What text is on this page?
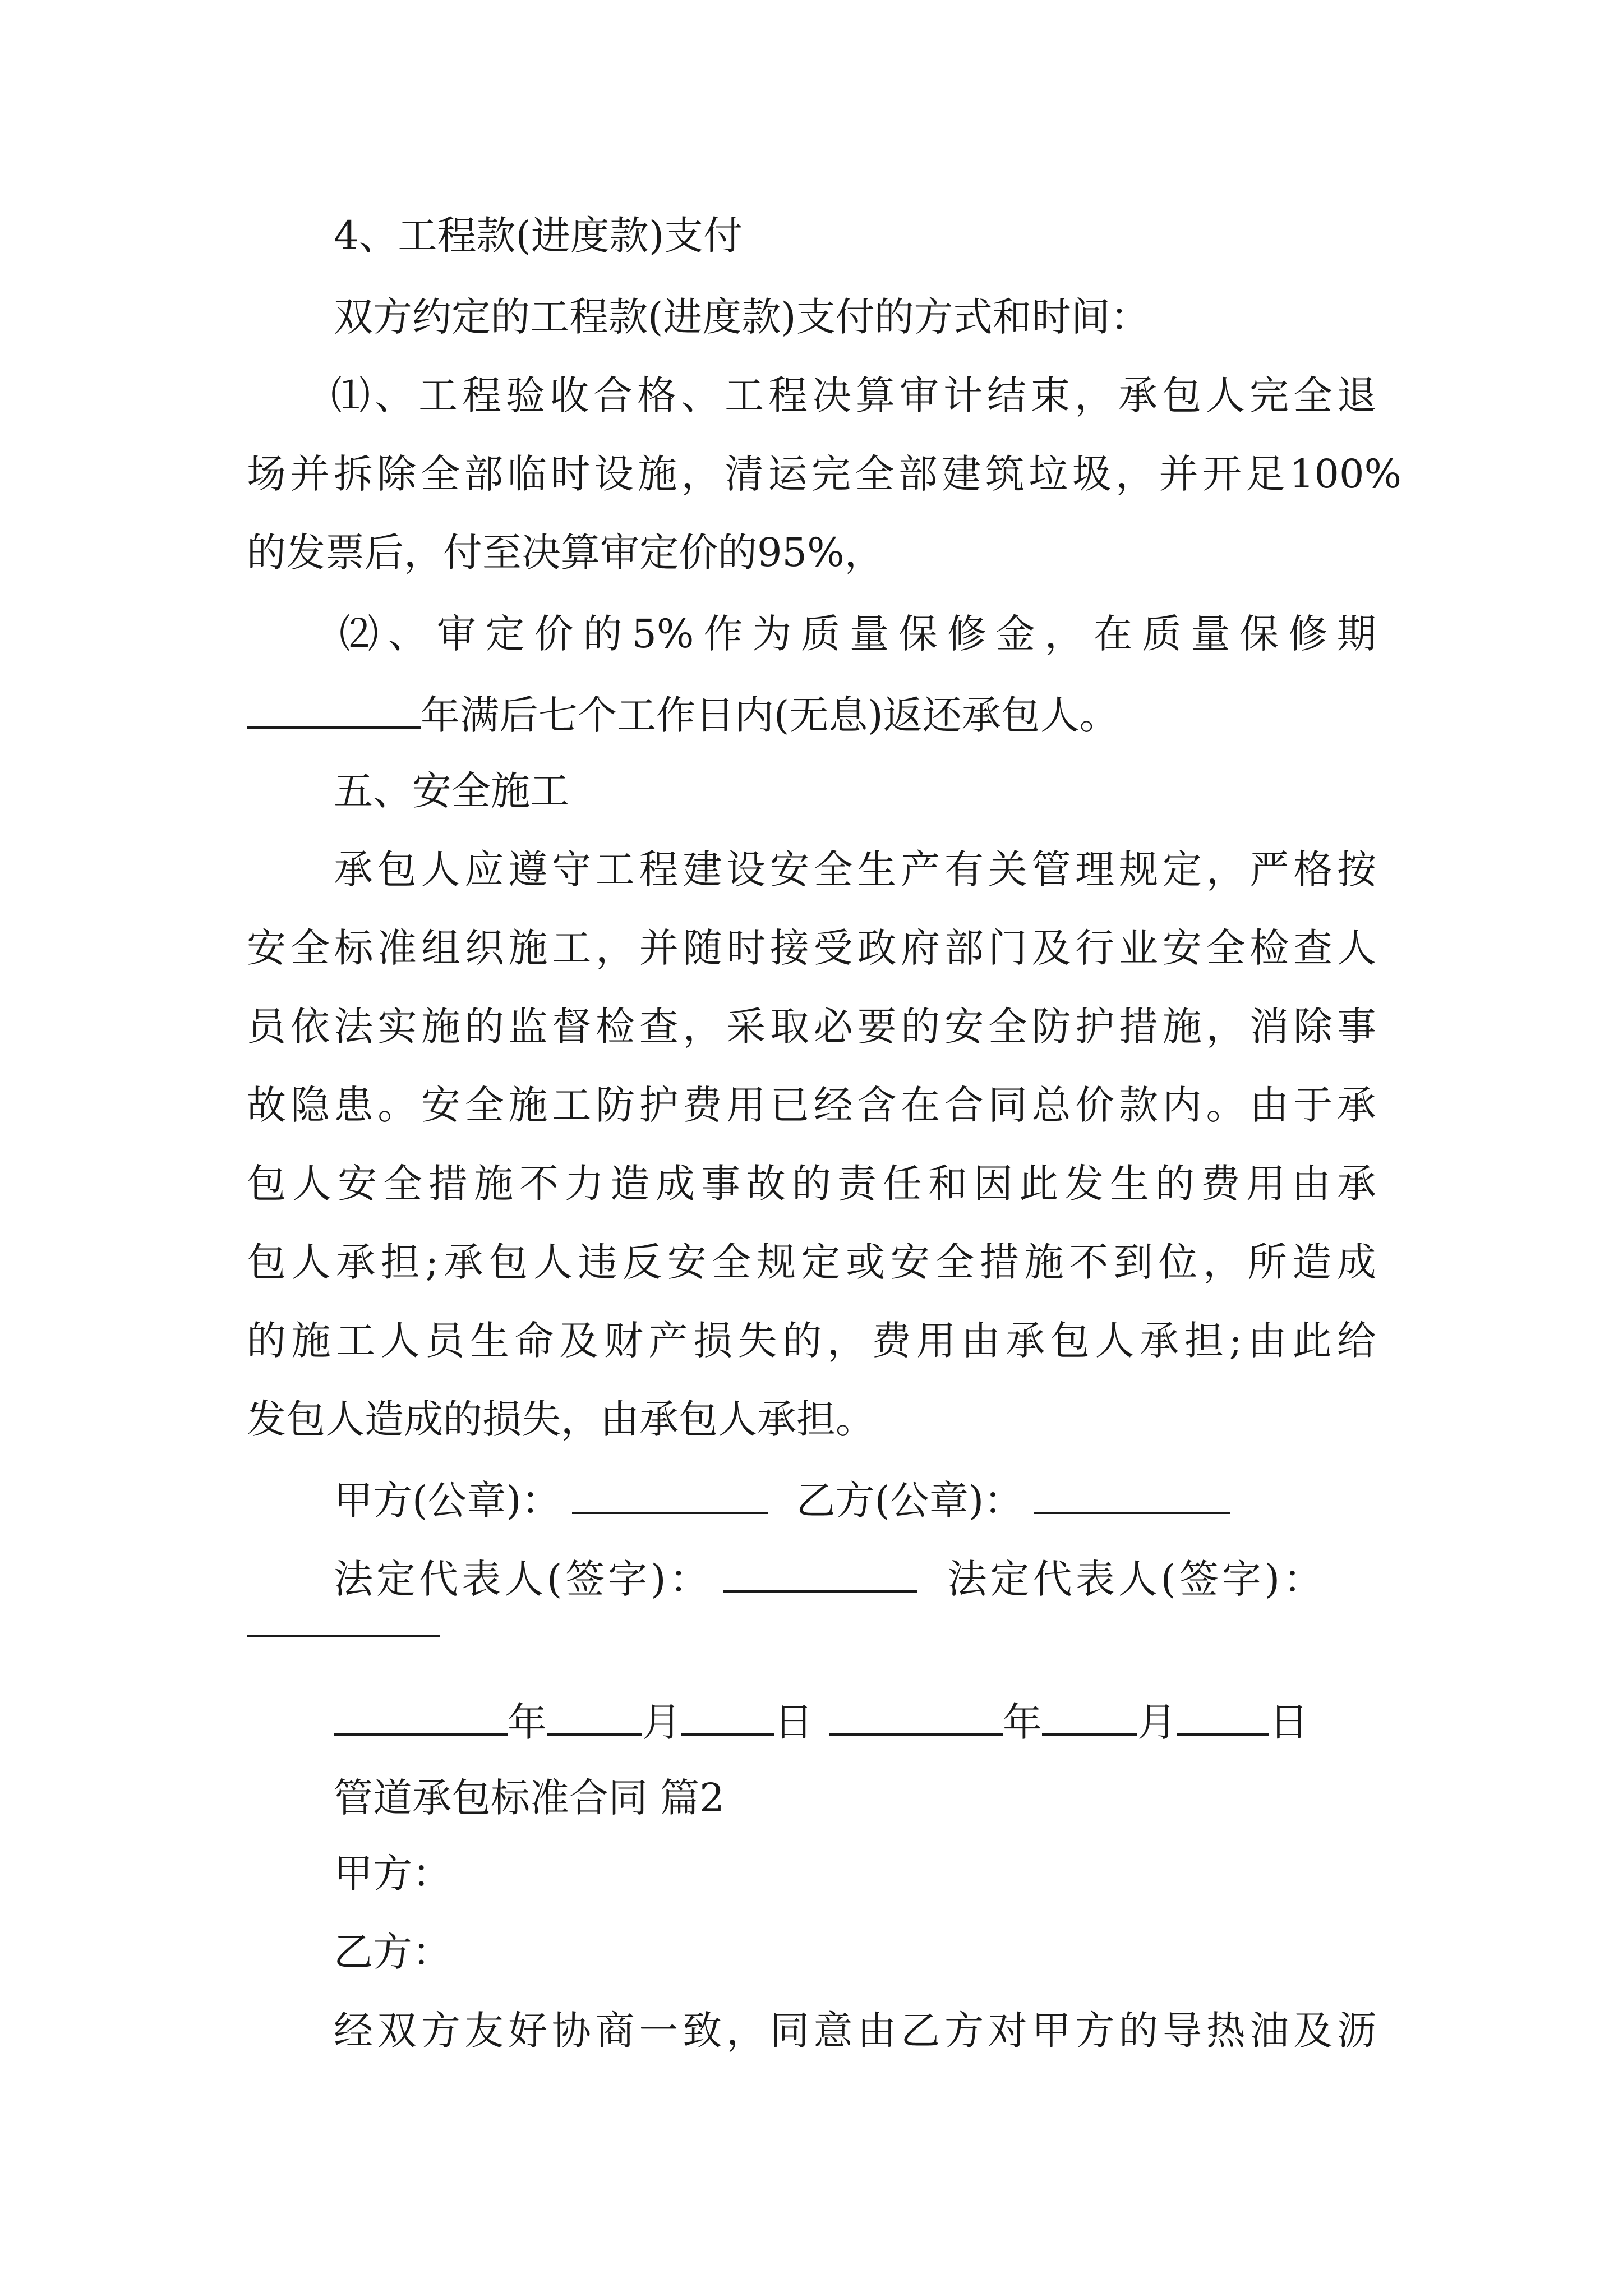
4、工程款(进度款)支付
双方约定的工程款(进度款)支付的方式和时间：
⑴ 、 工 程 验 收 合 格 、 工 程 决 算 审 计 结 束 ， 承 包 人 完 全 退
场 并 拆 除 全 部 临 时 设 施 ， 清 运 完 全 部 建 筑 垃 圾 ， 并 开 足 100%
的发票后，付至决算审定价的95%，
⑵ 、 审 定 价 的 5% 作 为 质 量 保 修 金 ， 在 质 量 保 修 期
年满后七个工作日内(无息)返还承包人。
五、安全施工
承 包 人 应 遵 守 工 程 建 设 安 全 生 产 有 关 管 理 规 定 ， 严 格 按
安 全 标 准 组 织 施 工 ， 并 随 时 接 受 政 府 部 门 及 行 业 安 全 检 查 人
员 依 法 实 施 的 监 督 检 查 ， 采 取 必 要 的 安 全 防 护 措 施 ， 消 除 事
故 隐 患 。 安 全 施 工 防 护 费 用 已 经 含 在 合 同 总 价 款 内 。 由 于 承
包 人 安 全 措 施 不 力 造 成 事 故 的 责 任 和 因 此 发 生 的 费 用 由 承
包 人 承 担 ; 承 包 人 违 反 安 全 规 定 或 安 全 措 施 不 到 位 ， 所 造 成
的 施 工 人 员 生 命 及 财 产 损 失 的 ， 费 用 由 承 包 人 承 担 ; 由 此 给
发包人造成的损失，由承包人承担。
甲方(公章)：	乙方(公章)：
法定代表人(签字)：	法定代表人(签字)：
年 月 日	年 月 日
管道承包标准合同 篇2
甲方：
乙方：
经 双 方 友 好 协 商 一 致 ， 同 意 由 乙 方 对 甲 方 的 导 热 油 及 沥
